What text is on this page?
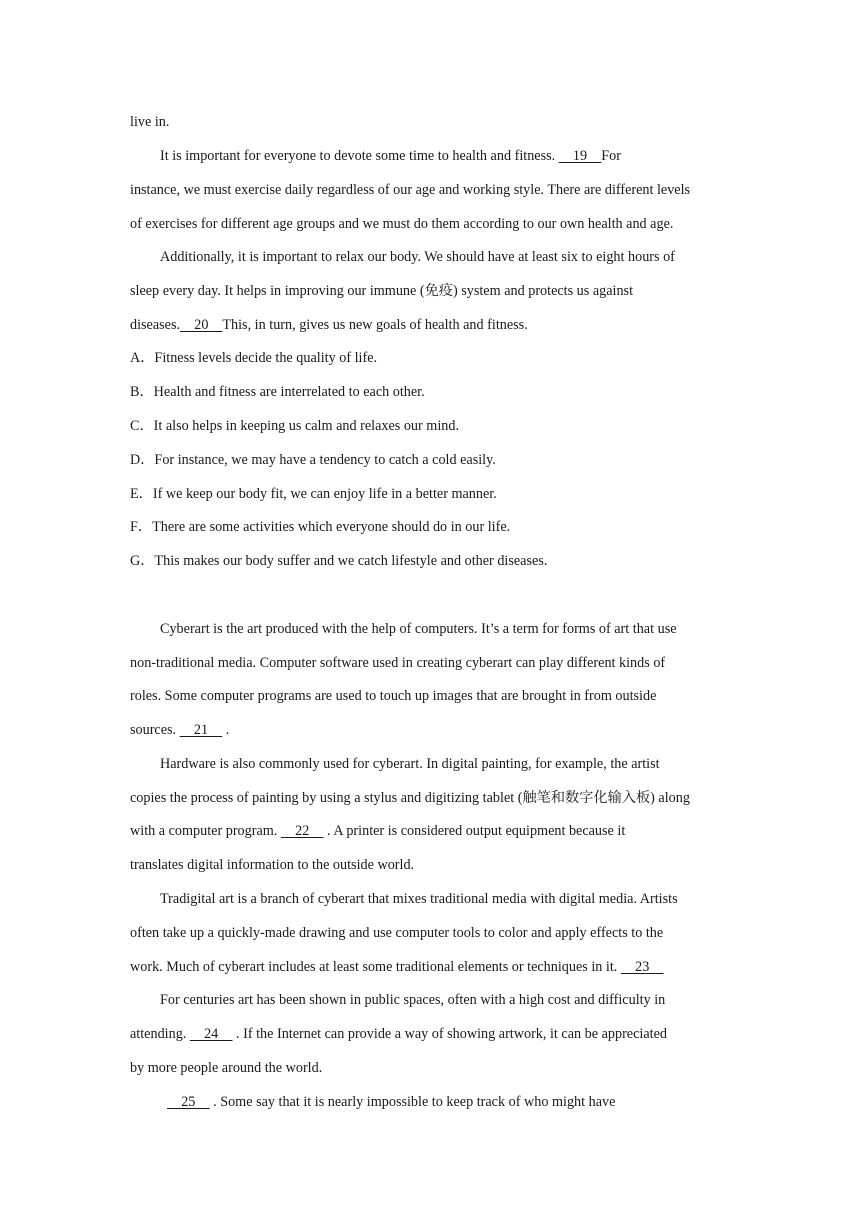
live in.
It is important for everyone to devote some time to health and fitness.     19    For
instance, we must exercise daily regardless of our age and working style. There are different levels
of exercises for different age groups and we must do them according to our own health and age.
Additionally, it is important to relax our body. We should have at least six to eight hours of
sleep every day. It helps in improving our immune (免疫) system and protects us against
diseases.    20    This, in turn, gives us new goals of health and fitness.
A．Fitness levels decide the quality of life.
B．Health and fitness are interrelated to each other.
C．It also helps in keeping us calm and relaxes our mind.
D．For instance, we may have a tendency to catch a cold easily.
E．If we keep our body fit, we can enjoy life in a better manner.
F．There are some activities which everyone should do in our life.
G．This makes our body suffer and we catch lifestyle and other diseases.
Cyberart is the art produced with the help of computers. It’s a term for forms of art that use
non-traditional media. Computer software used in creating cyberart can play different kinds of
roles. Some computer programs are used to touch up images that are brought in from outside
sources.     21     .
Hardware is also commonly used for cyberart. In digital painting, for example, the artist
copies the process of painting by using a stylus and digitizing tablet (触笔和数字化输入板) along
with a computer program.     22     . A printer is considered output equipment because it
translates digital information to the outside world.
Tradigital art is a branch of cyberart that mixes traditional media with digital media. Artists
often take up a quickly-made drawing and use computer tools to color and apply effects to the
work. Much of cyberart includes at least some traditional elements or techniques in it.     23
For centuries art has been shown in public spaces, often with a high cost and difficulty in
attending.     24     . If the Internet can provide a way of showing artwork, it can be appreciated
by more people around the world.
25     . Some say that it is nearly impossible to keep track of who might have
